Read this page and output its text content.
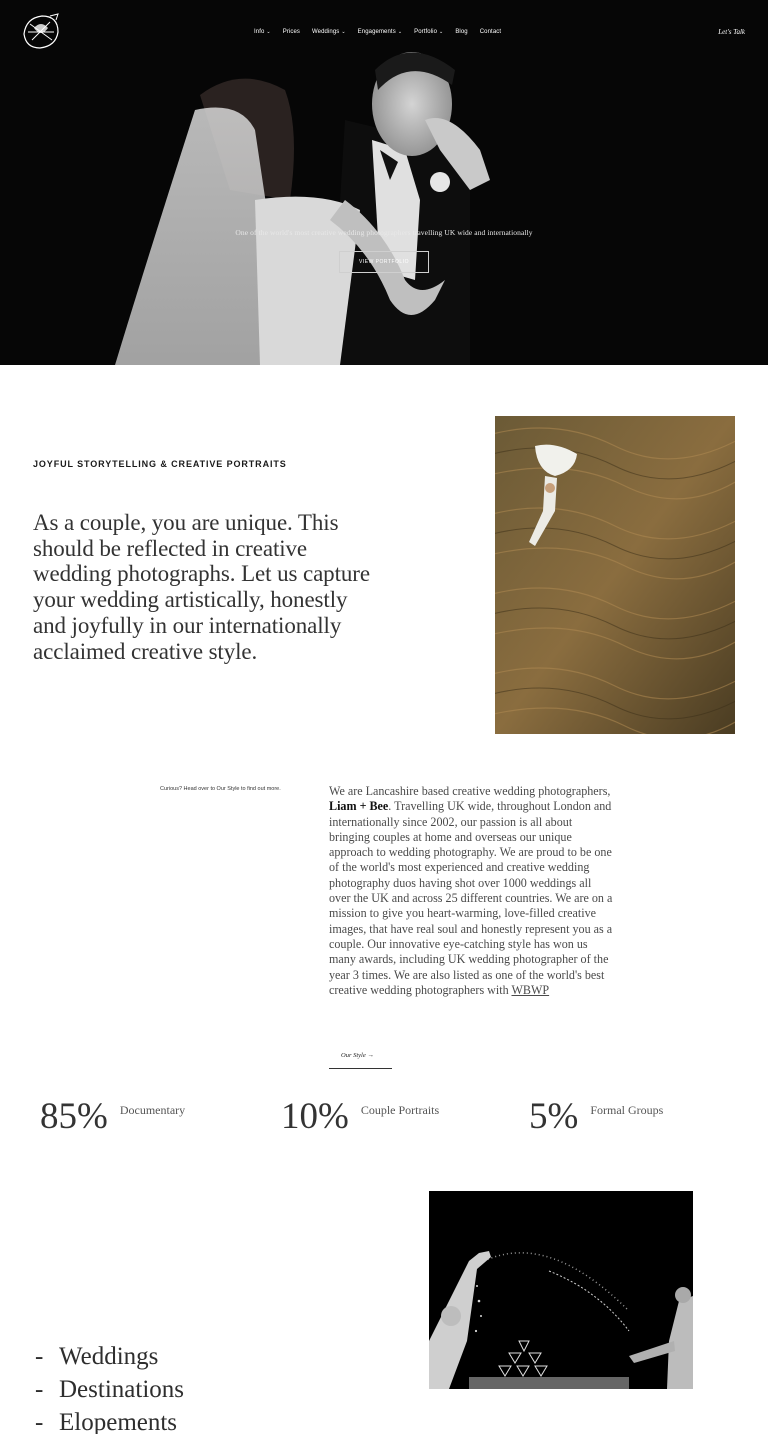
Info ⌄ Prices Weddings ⌄ Engagements ⌄ Portfolio ⌄ Blog Contact	Let's Talk

One of the world's most creative wedding photographers travelling UK wide and internationally

VIEW PORTFOLIO
JOYFUL STORYTELLING & CREATIVE PORTRAITS

As a couple, you are unique. This should be reflected in creative wedding photographs. Let us capture your wedding artistically, honestly and joyfully in our internationally acclaimed creative style.

Curious? Head over to Our Style to find out more.	We are Lancashire based creative wedding photographers, Liam + Bee. Travelling UK wide, throughout London and internationally since 2002, our passion is all about bringing couples at home and overseas our unique approach to wedding photography. We are proud to be one of the world's most experienced and creative wedding photography duos having shot over 1000 weddings all over the UK and across 25 different countries. We are on a mission to give you heart-warming, love-filled creative images, that have real soul and honestly represent you as a couple. Our innovative eye-catching style has won us many awards, including UK wedding photographer of the year 3 times. We are also listed as one of the world's best creative wedding photographers with WBWP

Our Style →
85% Documentary	10% Couple Portraits 5% Formal Groups
- Weddings
- Destinations
- Elopements
